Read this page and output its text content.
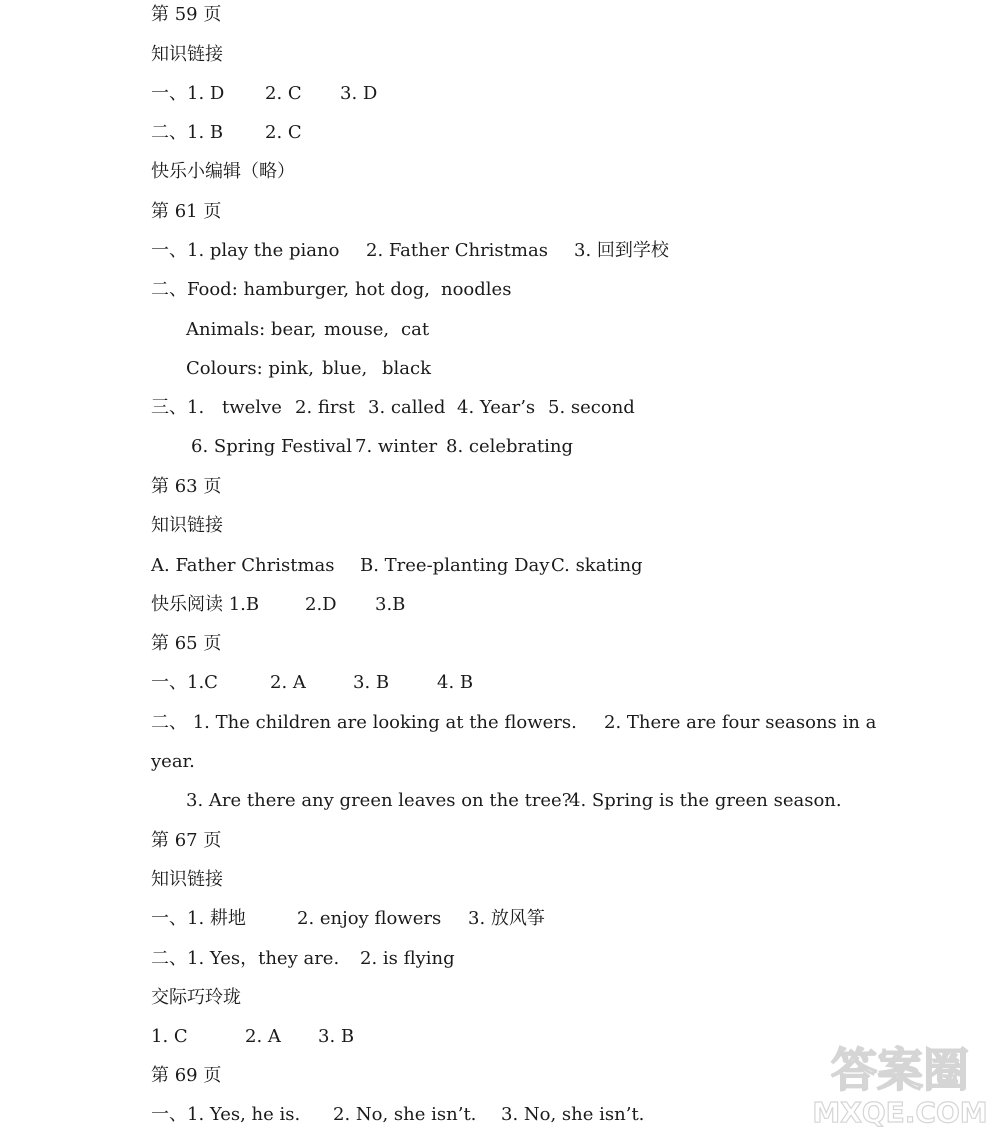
第 59 页
知识链接
一、1. D 2. C 3. D
二、1. B 2. C
快乐小编辑（略）
第 61 页
一、1. play the piano 2. Father Christmas 3. 回到学校
二、Food: hamburger, hot dog, noodles
Animals: bear, mouse, cat
Colours: pink, blue, black
三、1. twelve 2. first 3. called 4. Year’s 5. second
6. Spring Festival 7. winter 8. celebrating
第 63 页
知识链接
A. Father Christmas B. Tree-planting Day C. skating
快乐阅读 1.B	2.D 3.B
第 65 页
一、1.C	2. A	3. B	4. B
二、 1. The children are looking at the flowers. 2. There are four seasons in a
year.
3. Are there any green leaves on the tree?
4. Spring is the green season.
第 67 页
知识链接
一、1. 耕地	2. enjoy flowers 3. 放风筝
二、1. Yes，they are. 2. is flying
交际巧玲珑
1. C	2. A 3. B
第 69 页
一、1. Yes, he is. 2. No, she isn’t. 3. No, she isn’t.
答案圈
MXQE.COM
